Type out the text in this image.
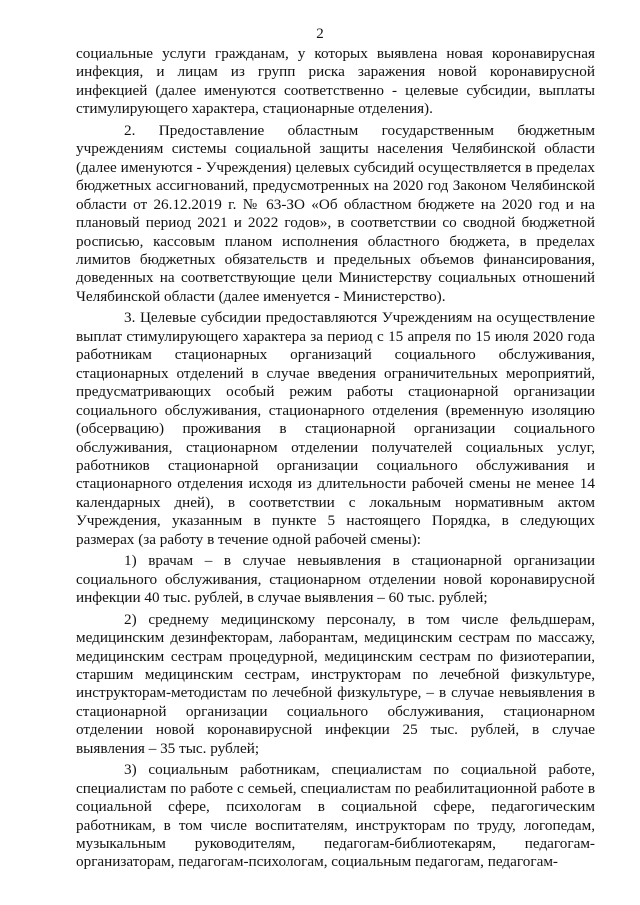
2

социальные услуги гражданам, у которых выявлена новая коронавирусная инфекция, и лицам из групп риска заражения новой коронавирусной инфекцией (далее именуются соответственно - целевые субсидии, выплаты стимулирующего характера, стационарные отделения).

2. Предоставление областным государственным бюджетным учреждениям системы социальной защиты населения Челябинской области (далее именуются - Учреждения) целевых субсидий осуществляется в пределах бюджетных ассигнований, предусмотренных на 2020 год Законом Челябинской области от 26.12.2019 г. № 63-ЗО «Об областном бюджете на 2020 год и на плановый период 2021 и 2022 годов», в соответствии со сводной бюджетной росписью, кассовым планом исполнения областного бюджета, в пределах лимитов бюджетных обязательств и предельных объемов финансирования, доведенных на соответствующие цели Министерству социальных отношений Челябинской области (далее именуется - Министерство).

3. Целевые субсидии предоставляются Учреждениям на осуществление выплат стимулирующего характера за период с 15 апреля по 15 июля 2020 года работникам стационарных организаций социального обслуживания, стационарных отделений в случае введения ограничительных мероприятий, предусматривающих особый режим работы стационарной организации социального обслуживания, стационарного отделения (временную изоляцию (обсервацию) проживания в стационарной организации социального обслуживания, стационарном отделении получателей социальных услуг, работников стационарной организации социального обслуживания и стационарного отделения исходя из длительности рабочей смены не менее 14 календарных дней), в соответствии с локальным нормативным актом Учреждения, указанным в пункте 5 настоящего Порядка, в следующих размерах (за работу в течение одной рабочей смены):

1) врачам – в случае невыявления в стационарной организации социального обслуживания, стационарном отделении новой коронавирусной инфекции 40 тыс. рублей, в случае выявления – 60 тыс. рублей;

2) среднему медицинскому персоналу, в том числе фельдшерам, медицинским дезинфекторам, лаборантам, медицинским сестрам по массажу, медицинским сестрам процедурной, медицинским сестрам по физиотерапии, старшим медицинским сестрам, инструкторам по лечебной физкультуре, инструкторам-методистам по лечебной физкультуре, – в случае невыявления в стационарной организации социального обслуживания, стационарном отделении новой коронавирусной инфекции 25 тыс. рублей, в случае выявления – 35 тыс. рублей;

3) социальным работникам, специалистам по социальной работе, специалистам по работе с семьей, специалистам по реабилитационной работе в социальной сфере, психологам в социальной сфере, педагогическим работникам, в том числе воспитателям, инструкторам по труду, логопедам, музыкальным руководителям, педагогам-библиотекарям, педагогам-организаторам, педагогам-психологам, социальным педагогам, педагогам-
